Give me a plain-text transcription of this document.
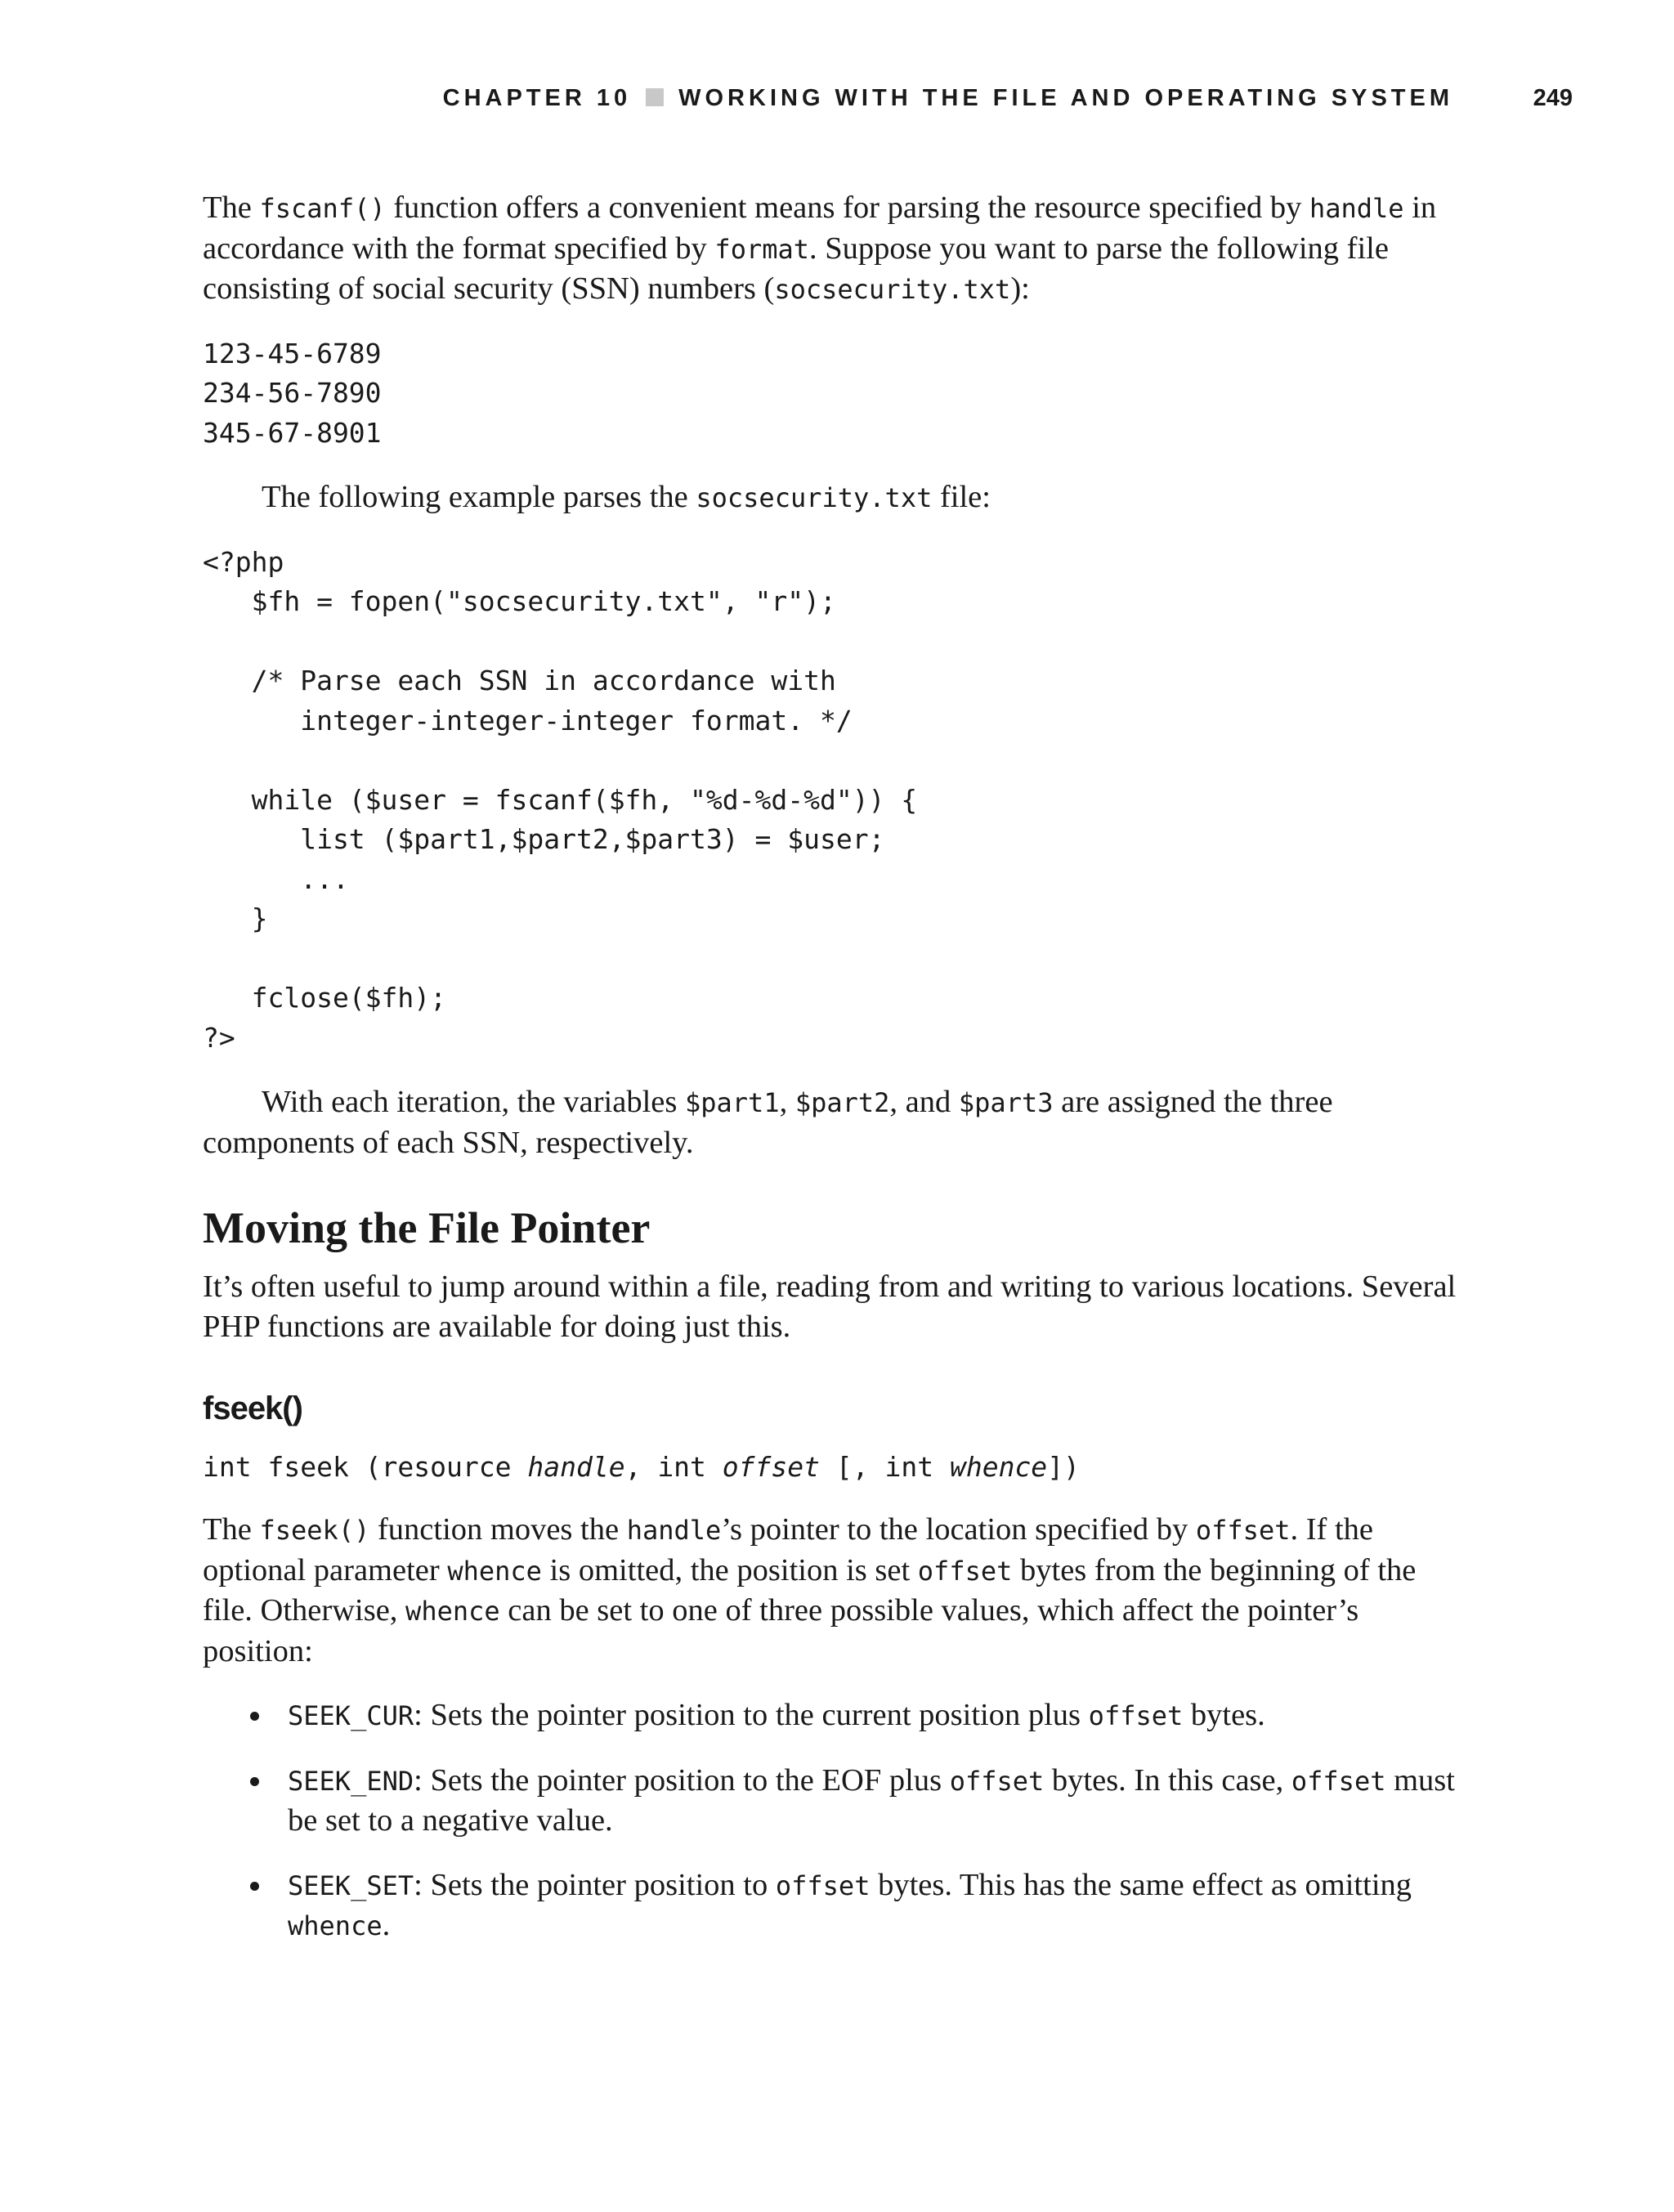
CHAPTER 10 WORKING WITH THE FILE AND OPERATING SYSTEM	249

The fscanf() function offers a convenient means for parsing the resource specified by handle in accordance with the format specified by format. Suppose you want to parse the following file consisting of social security (SSN) numbers (socsecurity.txt):

123-45-6789
234-56-7890
345-67-8901

The following example parses the socsecurity.txt file:

<?php
$fh = fopen("socsecurity.txt", "r");

/* Parse each SSN in accordance with
integer-integer-integer format. */

while ($user = fscanf($fh, "%d-%d-%d")) {
list ($part1,$part2,$part3) = $user;
...
}

fclose($fh);
?>

With each iteration, the variables $part1, $part2, and $part3 are assigned the three components of each SSN, respectively.

Moving the File Pointer

It’s often useful to jump around within a file, reading from and writing to various locations. Several PHP functions are available for doing just this.

fseek()
int fseek (resource handle, int offset [, int whence])

The fseek() function moves the handle’s pointer to the location specified by offset. If the optional parameter whence is omitted, the position is set offset bytes from the beginning of the file. Otherwise, whence can be set to one of three possible values, which affect the pointer’s position:

SEEK_CUR: Sets the pointer position to the current position plus offset bytes.
SEEK_END: Sets the pointer position to the EOF plus offset bytes. In this case, offset must be set to a negative value.
SEEK_SET: Sets the pointer position to offset bytes. This has the same effect as omitting whence.
